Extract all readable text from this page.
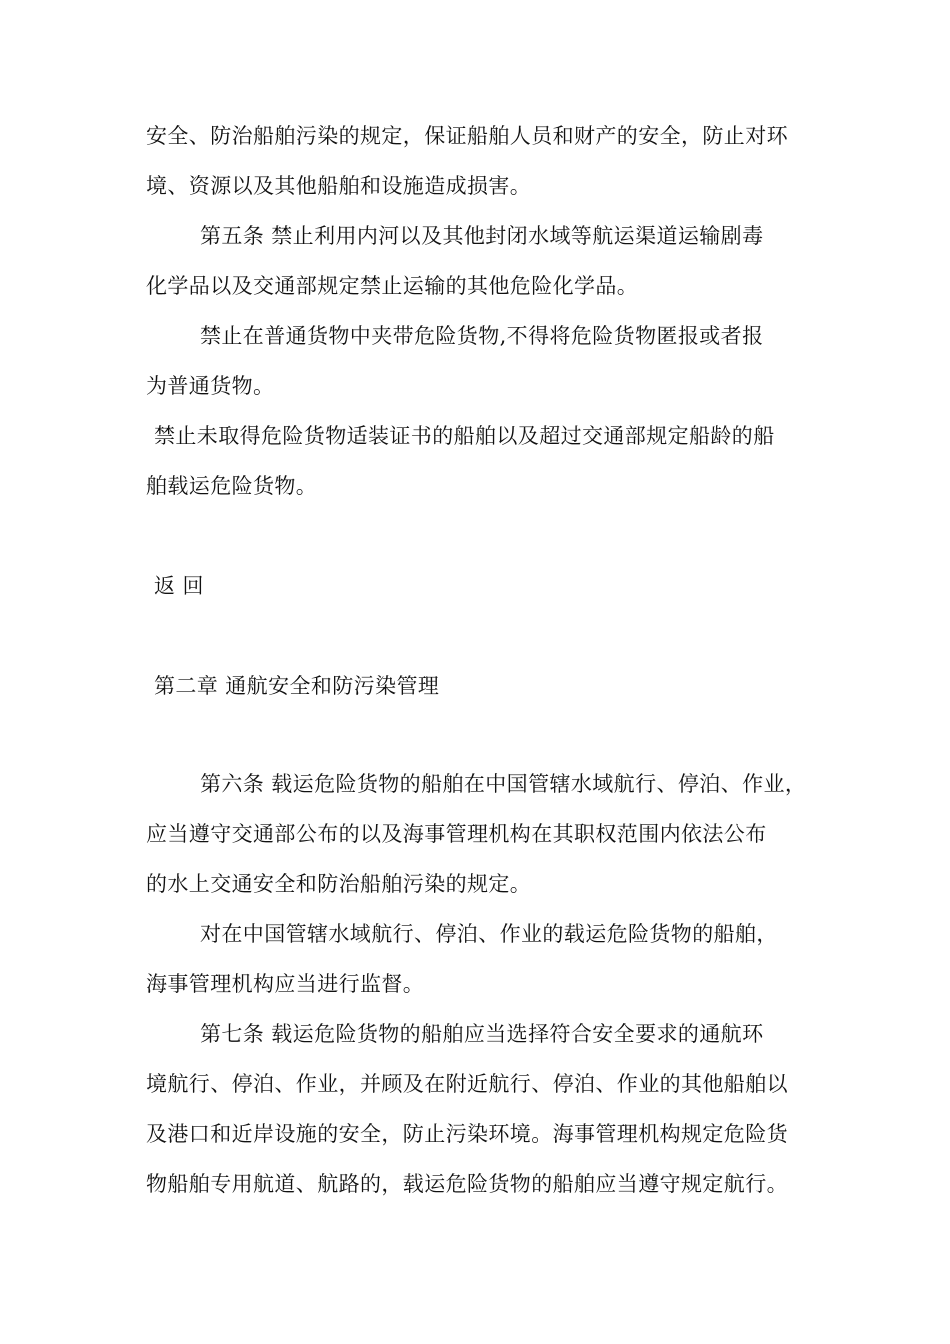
安全、防治船舶污染的规定，保证船舶人员和财产的安全，防止对环
境、资源以及其他船舶和设施造成损害。
第五条 禁止利用内河以及其他封闭水域等航运渠道运输剧毒
化学品以及交通部规定禁止运输的其他危险化学品。
禁止在普通货物中夹带危险货物,不得将危险货物匿报或者报
为普通货物。
禁止未取得危险货物适装证书的船舶以及超过交通部规定船龄的船
舶载运危险货物。
返 回
第二章 通航安全和防污染管理
第六条 载运危险货物的船舶在中国管辖水域航行、停泊、作业，
应当遵守交通部公布的以及海事管理机构在其职权范围内依法公布
的水上交通安全和防治船舶污染的规定。
对在中国管辖水域航行、停泊、作业的载运危险货物的船舶，
海事管理机构应当进行监督。
第七条 载运危险货物的船舶应当选择符合安全要求的通航环
境航行、停泊、作业，并顾及在附近航行、停泊、作业的其他船舶以
及港口和近岸设施的安全，防止污染环境。海事管理机构规定危险货
物船舶专用航道、航路的，载运危险货物的船舶应当遵守规定航行。
